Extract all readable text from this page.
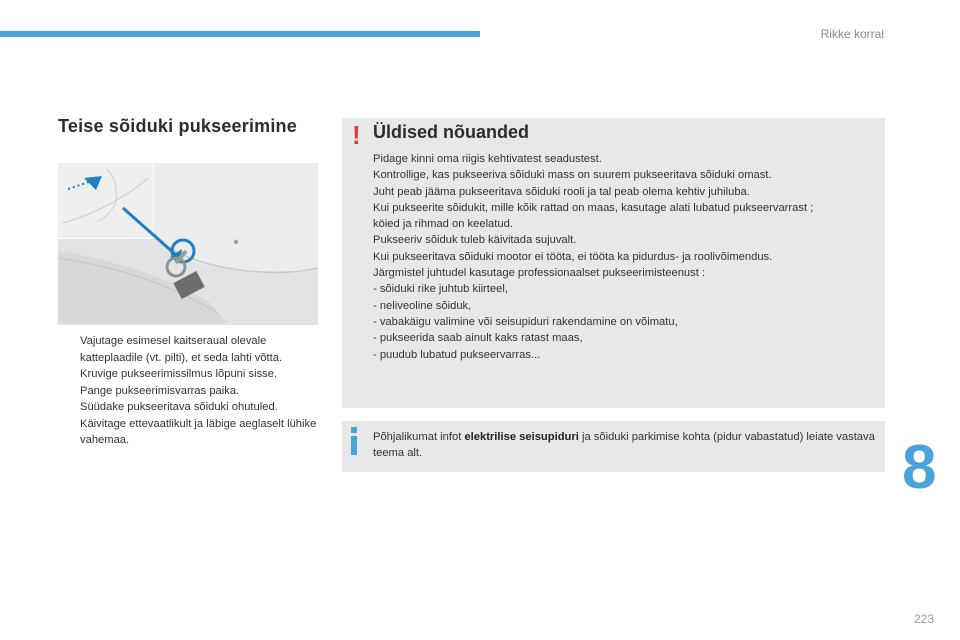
Rikke korral
Teise sõiduki pukseerimine
Vajutage esimesel kaitseraual olevale katteplaadile (vt. pilti), et seda lahti võtta.
Kruvige pukseerimissilmus lõpuni sisse.
Pange pukseerimisvarras paika.
Süüdake pukseeritava sõiduki ohutuled.
Käivitage ettevaatlikult ja läbige aeglaselt lühike vahemaa.
! Üldised nõuanded
Pidage kinni oma riigis kehtivatest seadustest.
Kontrollige, kas pukseeriva sõiduki mass on suurem pukseeritava sõiduki omast.
Juht peab jääma pukseeritava sõiduki rooli ja tal peab olema kehtiv juhiluba.
Kui pukseerite sõidukit, mille kõik rattad on maas, kasutage alati lubatud pukseervarrast ;
köied ja rihmad on keelatud.
Pukseeriv sõiduk tuleb käivitada sujuvalt.
Kui pukseeritava sõiduki mootor ei tööta, ei tööta ka pidurdus- ja roolivõimendus.
Järgmistel juhtudel kasutage professionaalset pukseerimisteenust :
- sõiduki rike juhtub kiirteel,
- neliveoline sõiduk,
- vabakäigu valimine või seisupiduri rakendamine on võimatu,
- pukseerida saab ainult kaks ratast maas,
- puudub lubatud pukseervarras...
Põhjalikumat infot elektrilise seisupiduri ja sõiduki parkimise kohta (pidur vabastatud) leiate vastava teema alt.	8
223
